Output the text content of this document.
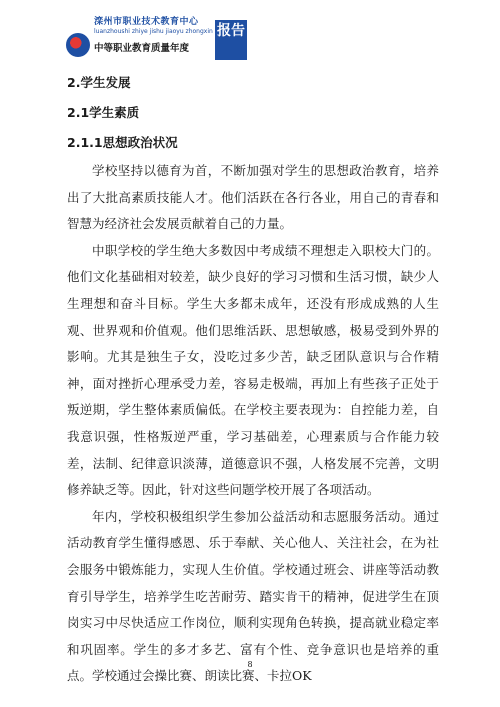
滦州市职业技术教育中心
luanzhoushi zhiye jishu jiaoyu zhongxin
中等职业教育质量年度
报告
2.学生发展
2.1学生素质
2.1.1思想政治状况

学校坚持以德育为首，不断加强对学生的思想政治教育，培养出了大批高素质技能人才。他们活跃在各行各业，用自己的青春和智慧为经济社会发展贡献着自己的力量。

中职学校的学生绝大多数因中考成绩不理想走入职校大门的。他们文化基础相对较差，缺少良好的学习习惯和生活习惯，缺少人生理想和奋斗目标。学生大多都未成年，还没有形成成熟的人生观、世界观和价值观。他们思维活跃、思想敏感，极易受到外界的影响。尤其是独生子女，没吃过多少苦，缺乏团队意识与合作精神，面对挫折心理承受力差，容易走极端，再加上有些孩子正处于叛逆期，学生整体素质偏低。在学校主要表现为：自控能力差，自我意识强，性格叛逆严重，学习基础差，心理素质与合作能力较差，法制、纪律意识淡薄，道德意识不强，人格发展不完善，文明修养缺乏等。因此，针对这些问题学校开展了各项活动。

年内，学校积极组织学生参加公益活动和志愿服务活动。通过活动教育学生懂得感恩、乐于奉献、关心他人、关注社会，在为社会服务中锻炼能力，实现人生价值。学校通过班会、讲座等活动教育引导学生，培养学生吃苦耐劳、踏实肯干的精神，促进学生在顶岗实习中尽快适应工作岗位，顺利实现角色转换，提高就业稳定率和巩固率。学生的多才多艺、富有个性、竞争意识也是培养的重点。学校通过会操比赛、朗读比赛、卡拉OK

8
